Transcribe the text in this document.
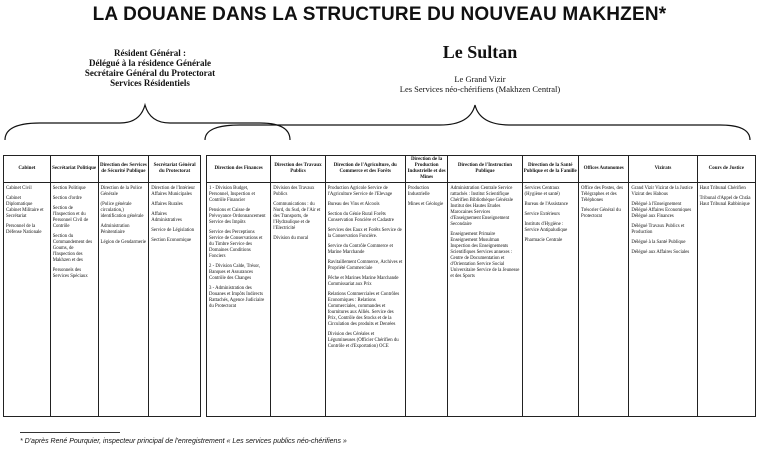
LA DOUANE DANS LA STRUCTURE DU NOUVEAU MAKHZEN*
Résident Général :
Délégué à la résidence Générale
Secrétaire Général du Protectorat
Services Résidentiels
Le Sultan
Le Grand Vizir
Les Services néo-chérifiens (Makhzen Central)
Cabinet
Cabinet Civil
Cabinet Diplomatique Cabinet Militaire et Secrétariat
Personnel de la Défense Nationale
Secrétariat Politique
Section Politique
Section d'ordre
Section de l'Inspection et du Personnel Civil de Contrôle
Section du Commandement des Goums, de l'Inspection des Makhzen et des
Personnels des Services Spéciaux
Direction des Services de Sécurité Publique
Direction de la Police Générale
(Police générale circulation,) identification générale
Administration Pénitentiaire
Légion de Gendarmerie
Secrétariat Général du Protectorat
Direction de l'Intérieur Affaires Municipales
Affaires Rurales
Affaires Administratives
Service de Législation
Section Economique
Direction des Finances
1 - Division Budget, Personnel, Inspection et Contrôle Financier
Pensions et Caisse de Prévoyance Ordonnancement Service des Impôts
Service des Perceptions Service de Conservations et du Timbre Service des Domaines Conditions Fonciers
2 - Division Calde, Trésor, Banques et Assurances Contrôle des Changes
3 - Administration des Douanes et Impôts Indirects Rattachés, Agence Judiciaire du Protectorat
Direction des Travaux Publics
Division des Travaux Publics
Communications : du Nord, du Sud, de l'Air et des Transports, de l'Hydraulique et de l'Electricité
Division du moral
Direction de l'Agriculture, du Commerce et des Forêts
Production Agricole Service de l'Agriculture Service de l'Elevage
Bureau des Vins et Alcools
Section du Génie Rural Forêts Conservation Foncière et Cadastre
Services des Eaux et Forêts Service de la Conservation Foncière.
Service du Contrôle Commerce et Marine Marchande
Ravitaillement Commerce, Archives et Propriété Commerciale
Pêche et Marines Marine Marchande Commissariat aux Prix
Relations Commerciales et Contrôles Economiques : Relations Commerciales, commandes et fournitures aux Alliés. Service des Prix, Contrôle des Stocks et de la Circulation des produits et Denrées
Division des Céréales et Légumineuses (Officier Chérifien du Contrôle et d'Exportation) OCE
Direction de la Production Industrielle et des Mines
Production Industrielle
Mines et Géologie
Direction de l'Instruction Publique
Administration Centrale Service rattachés : Institut Scientifique Chérifien Bibliothèque Générale Institut des Hautes Etudes Marocaines Services d'Enseignement Enseignement Secondaire
Enseignement Primaire Enseignement Musulman Inspection des Enseignements Scientifiques Services annexes : Centre de Documentation et d'Orientation Service Social Universitaire Service de la Jeunesse et des Sports
Direction de la Santé Publique et de la Famille
Services Centraux (Hygiène et santé)
Bureau de l'Assistance
Service Extérieurs
Instituts d'Hygiène : Service Antipaludique
Pharmacie Centrale
Offices Autonomes
Office des Postes, des Télégraphes et des Téléphones
Trésorier Général du Protectorat
Vizirats
Grand Vizir Vizirat de la Justice Vizirat des Habous
Délégué à l'Enseignement Délégué Affaires Economiques Délégué aux Finances
Délégué Travaux Publics et Production
Délégué à la Santé Publique
Délégué aux Affaires Sociales
Cours de Justice
Haut Tribunal Chérifien
Tribunal d'Appel de Chrâa Haut Tribunal Rabbinique
* D'après René Pourquier, inspecteur principal de l'enregistrement « Les services publics néo-chérifiens »
